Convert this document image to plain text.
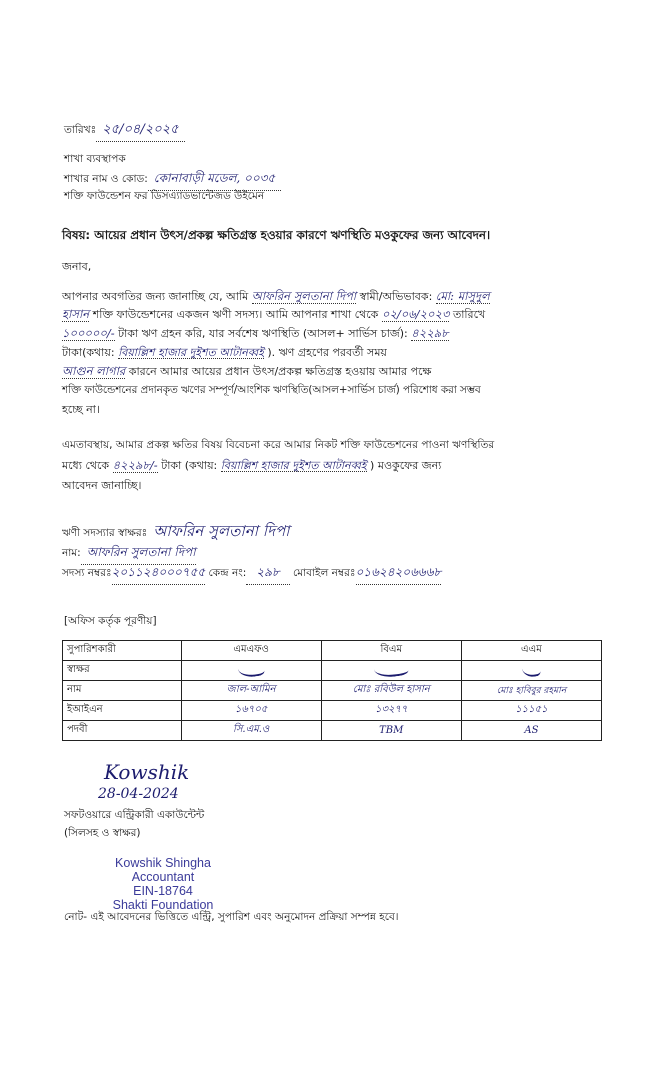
তারিখঃ ২৫/০৪/২০২৫
শাখা ব্যবস্থাপক
শাখার নাম ও কোড: কোনাবাড়ী মডেল, ০০৩৫
শক্তি ফাউন্ডেশন ফর ডিসএ্যাডভান্টেজড উইমেন
বিষয়: আয়ের প্রধান উৎস/প্রকল্প ক্ষতিগ্রস্ত হওয়ার কারণে ঋণস্থিতি মওকুফের জন্য আবেদন।
জনাব,
আপনার অবগতির জন্য জানাচ্ছি যে, আমি আফরিন সুলতানা দিপা স্বামী/অভিভাবক: মো: মাসুদুল
হাসান শক্তি ফাউন্ডেশনের একজন ঋণী সদস্য। আমি আপনার শাখা থেকে ০২/০৬/২০২৩ তারিখে
১০০০০০/- টাকা ঋণ গ্রহন করি, যার সর্বশেষ ঋণস্থিতি (আসল+ সার্ভিস চার্জ): ৪২২৯৮
টাকা(কথায়: বিয়াল্লিশ হাজার দুইশত আটানব্বই ). ঋণ গ্রহণের পরবর্তী সময়
আগুন লাগার কারনে আমার আয়ের প্রধান উৎস/প্রকল্প ক্ষতিগ্রস্ত হওয়ায় আমার পক্ষে
শক্তি ফাউন্ডেশনের প্রদানকৃত ঋণের সম্পূর্ণ/আংশিক ঋণস্থিতি(আসল+সার্ভিস চার্জ) পরিশোধ করা সম্ভব
হচ্ছে না।
এমতাবস্থায়, আমার প্রকল্প ক্ষতির বিষয় বিবেচনা করে আমার নিকট শক্তি ফাউন্ডেশনের পাওনা ঋণস্থিতির
মধ্যে থেকে ৪২২৯৮/- টাকা (কথায়: বিয়াল্লিশ হাজার দুইশত আটানব্বই ) মওকুফের জন্য
আবেদন জানাচ্ছি।
ঋণী সদস্যার স্বাক্ষরঃ আফরিন সুলতানা দিপা
নাম: আফরিন সুলতানা দিপা
সদস্য নম্বরঃ২০১১২৪০০০৭৫৫ কেন্দ্র নং: ২৯৮ মোবাইল নম্বরঃ০১৬২৪২০৬৬৬৮
[অফিস কর্তৃক পূরণীয়]
সুপারিশকারী	এমএফও	বিএম	এএম
স্বাক্ষর			
নাম	জাল-আমিন	মোঃ রবিউল হাসান	মোঃ হাবিবুর রহমান
ইআইএন	১৬৭০৫	১৩২৭৭	১১১৫১
পদবী	সি.এম.ও	TBM	AS
Kowshik
28-04-2024
সফটওয়ারে এন্ট্রিকারী একাউন্টেন্ট
(সিলসহ ও স্বাক্ষর)
Kowshik Shingha
Accountant
EIN-18764
Shakti Foundation
নোট- এই আবেদনের ভিত্তিতে এন্ট্রি, সুপারিশ এবং অনুমোদন প্রক্রিয়া সম্পন্ন হবে।
